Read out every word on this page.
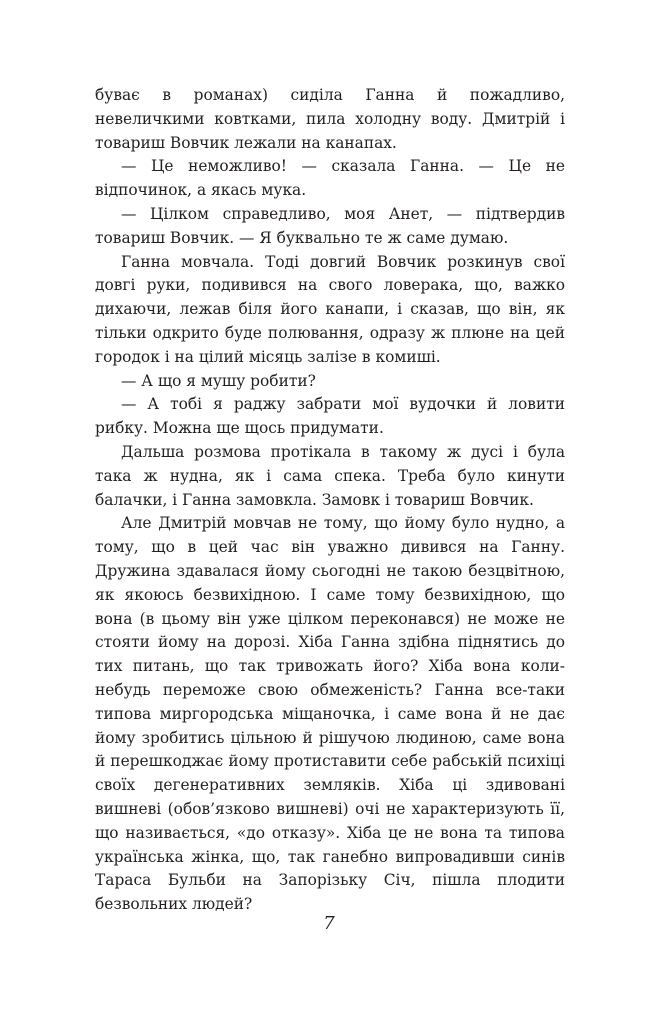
буває в романах) сиділа Ганна й пожадливо, невеличкими ковтками, пила холодну воду. Дмитрій і товариш Вовчик лежали на канапах.

— Це неможливо! — сказала Ганна. — Це не відпочинок, а якась мука.

— Цілком справедливо, моя Анет, — підтвердив товариш Вовчик. — Я буквально те ж саме думаю.

Ганна мовчала. Тоді довгий Вовчик розкинув свої довгі руки, подивився на свого ловерака, що, важко дихаючи, лежав біля його канапи, і сказав, що він, як тільки одкрито буде полювання, одразу ж плюне на цей городок і на цілий місяць залізе в комиші.

— А що я мушу робити?

— А тобі я раджу забрати мої вудочки й ловити рибку. Можна ще щось придумати.

Дальша розмова протікала в такому ж дусі і була така ж нудна, як і сама спека. Треба було кинути балачки, і Ганна замовкла. Замовк і товариш Вовчик.

Але Дмитрій мовчав не тому, що йому було нудно, а тому, що в цей час він уважно дивився на Ганну. Дружина здавалася йому сьогодні не такою безцвітною, як якоюсь безвихідною. І саме тому безвихідною, що вона (в цьому він уже цілком переконався) не може не стояти йому на дорозі. Хіба Ганна здібна піднятись до тих питань, що так тривожать його? Хіба вона коли-небудь переможе свою обмеженість? Ганна все-таки типова миргородська міщаночка, і саме вона й не дає йому зробитись цільною й рішучою людиною, саме вона й перешкоджає йому протиставити себе рабській психіці своїх дегенеративних земляків. Хіба ці здивовані вишневі (обов’язково вишневі) очі не характеризують її, що називається, «до отказу». Хіба це не вона та типова українська жінка, що, так ганебно випровадивши синів Тараса Бульби на Запорізьку Січ, пішла плодити безвольних людей?

7
